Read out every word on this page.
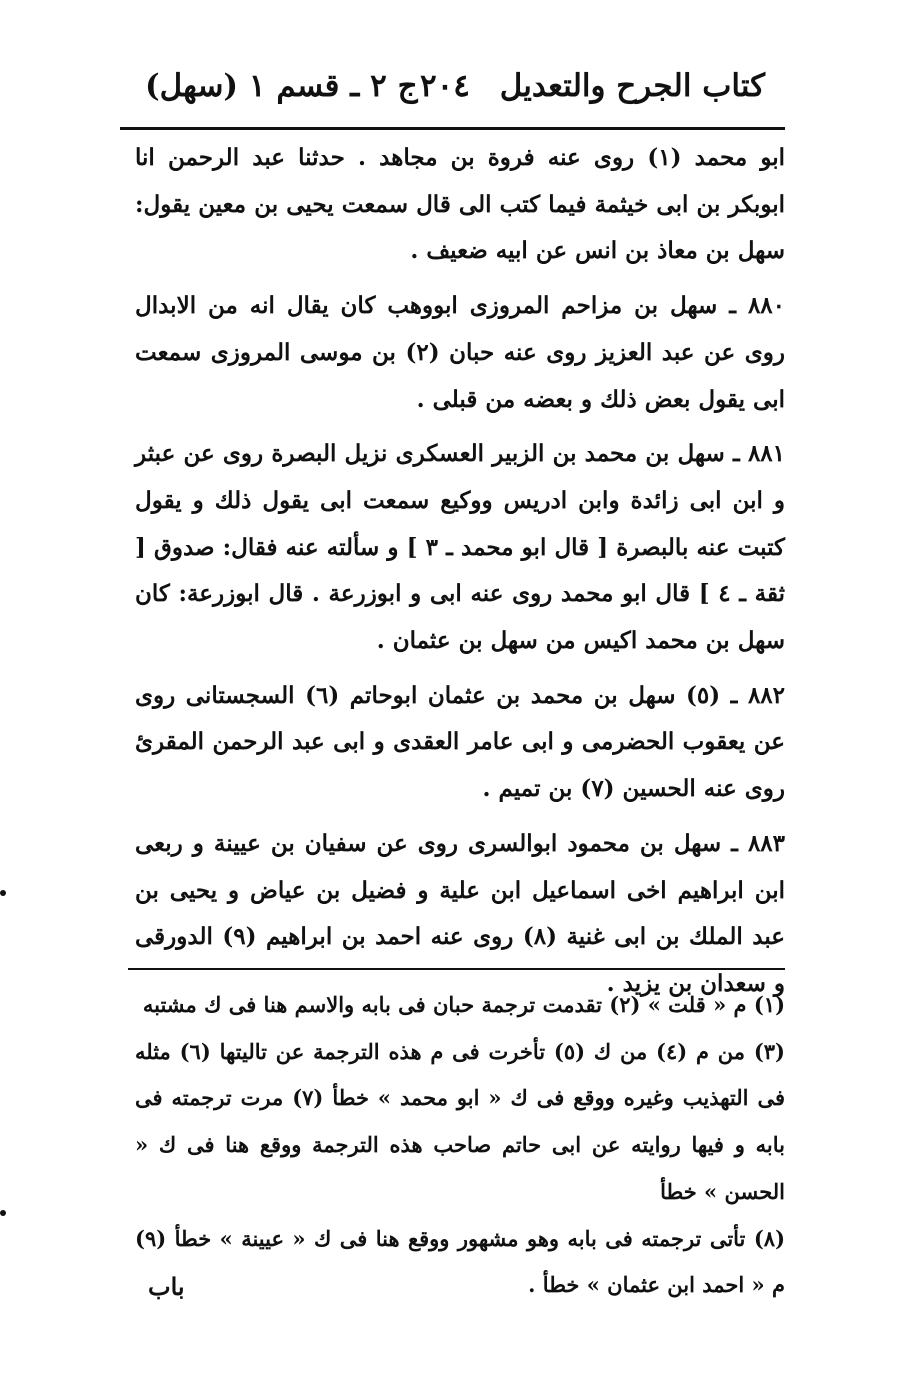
كتاب الجرح والتعديل
٢٠٤
(سهل) ج ٢ ـ قسم ١

ابو محمد (١) روى عنه فروة بن مجاهد . حدثنا عبد الرحمن انا ابوبكر بن ابى خيثمة فيما كتب الى قال سمعت يحيى بن معين يقول: سهل بن معاذ بن انس عن ابيه ضعيف .

٨٨٠ ـ سهل بن مزاحم المروزى ابووهب كان يقال انه من الابدال روى عن عبد العزيز روى عنه حبان (٢) بن موسى المروزى سمعت ابى يقول بعض ذلك و بعضه من قبلى .

٨٨١ ـ سهل بن محمد بن الزبير العسكرى نزيل البصرة روى عن عبثر و ابن ابى زائدة وابن ادريس ووكيع سمعت ابى يقول ذلك و يقول كتبت عنه بالبصرة [ قال ابو محمد ـ ٣ ] و سألته عنه فقال: صدوق [ ثقة ـ ٤ ] قال ابو محمد روى عنه ابى و ابوزرعة . قال ابوزرعة: كان سهل بن محمد اكيس من سهل بن عثمان .

٨٨٢ ـ (٥) سهل بن محمد بن عثمان ابوحاتم (٦) السجستانى روى عن يعقوب الحضرمى و ابى عامر العقدى و ابى عبد الرحمن المقرئ روى عنه الحسين (٧) بن تميم .

٨٨٣ ـ سهل بن محمود ابوالسرى روى عن سفيان بن عيينة و ربعى ابن ابراهيم اخى اسماعيل ابن علية و فضيل بن عياض و يحيى بن عبد الملك بن ابى غنية (٨) روى عنه احمد بن ابراهيم (٩) الدورقى و سعدان بن يزيد .

(١) م « قلت » (٢) تقدمت ترجمة حبان فى بابه والاسم هنا فى ك مشتبه

(٣) من م (٤) من ك (٥) تأخرت فى م هذه الترجمة عن تاليتها (٦) مثله فى التهذيب وغيره ووقع فى ك « ابو محمد » خطأ (٧) مرت ترجمته فى بابه و فيها روايته عن ابى حاتم صاحب هذه الترجمة ووقع هنا فى ك « الحسن » خطأ

(٨) تأتى ترجمته فى بابه وهو مشهور ووقع هنا فى ك « عيينة » خطأ (٩) م « احمد ابن عثمان » خطأ .

باب
